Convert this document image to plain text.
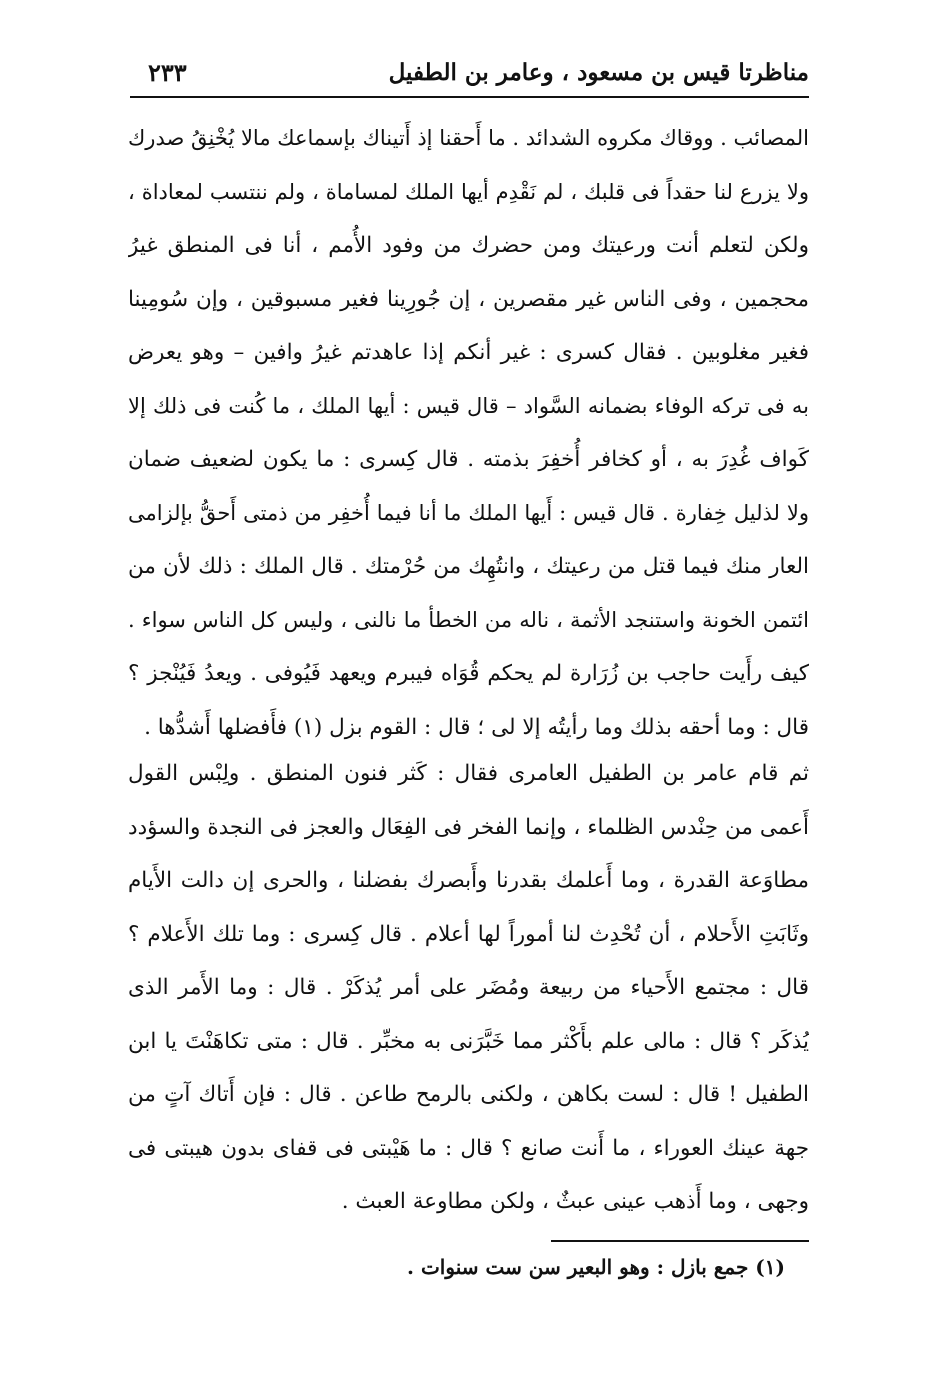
مناظرتا قيس بن مسعود ، وعامر بن الطفيل
٢٣٣
المصائب . ووقاك مكروه الشدائد . ما أَحقنا إذ أَتيناك بإسماعك مالا يُخْنِقُ صدرك
ولا يزرع لنا حقداً فى قلبك ، لم نَقْدِم أيها الملك لمساماة ، ولم ننتسب لمعاداة ،
ولكن لتعلم أنت ورعيتك ومن حضرك من وفود الأُمم ، أنا فى المنطق غيرُ
محجمين ، وفى الناس غير مقصرين ، إن جُورِينا فغير مسبوقين ، وإن سُومِينا
فغير مغلوبين . فقال كسرى : غير أنكم إذا عاهدتم غيرُ وافين – وهو يعرض
به فى تركه الوفاء بضمانه السَّواد – قال قيس : أيها الملك ، ما كُنت فى ذلك إلا
كَواف غُدِرَ به ، أو كخافر أُخفِرَ بذمته . قال كِسرى : ما يكون لضعيف ضمان
ولا لذليل خِفارة . قال قيس : أَيها الملك ما أنا فيما أُخفِر من ذمتى أَحقُّ بإلزامى
العار منك فيما قتل من رعيتك ، وانتُهِك من حُرْمتك . قال الملك : ذلك لأن من
ائتمن الخونة واستنجد الأثمة ، ناله من الخطأ ما نالنى ، وليس كل الناس سواء .
كيف رأَيت حاجب بن زُرَارة لم يحكم قُوَاه فيبرم ويعهد فَيُوفى . ويعدُ فَيُنْجز ؟
قال : وما أحقه بذلك وما رأيتُه إلا لى ؛ قال : القوم بزل (١) فأَفضلها أَشدُّها .
ثم قام عامر بن الطفيل العامرى فقال : كَثر فنون المنطق . ولِبْس القول
أَعمى من حِنْدس الظلماء ، وإنما الفخر فى الفِعَال والعجز فى النجدة والسؤدد
مطاوَعة القدرة ، وما أَعلمك بقدرنا وأَبصرك بفضلنا ، والحرى إن دالت الأَيام
وثَابَتِ الأَحلام ، أن تُحْدِث لنا أموراً لها أعلام . قال كِسرى : وما تلك الأَعلام ؟
قال : مجتمع الأَحياء من ربيعة ومُضَر على أمر يُذكَرْ . قال : وما الأَمر الذى
يُذكَر ؟ قال : مالى علم بأَكْثر مما خَبَّرَنى به مخبِّر . قال : متى تكاهَنْتَ يا ابن
الطفيل ! قال : لست بكاهن ، ولكنى بالرمح طاعن . قال : فإن أَتاك آتٍ من
جهة عينك العوراء ، ما أَنت صانع ؟ قال : ما هَيْبتى فى قفاى بدون هيبتى فى
وجهى ، وما أَذهب عينى عبثٌ ، ولكن مطاوعة العبث .
(١) جمع بازل : وهو البعير سن ست سنوات .
